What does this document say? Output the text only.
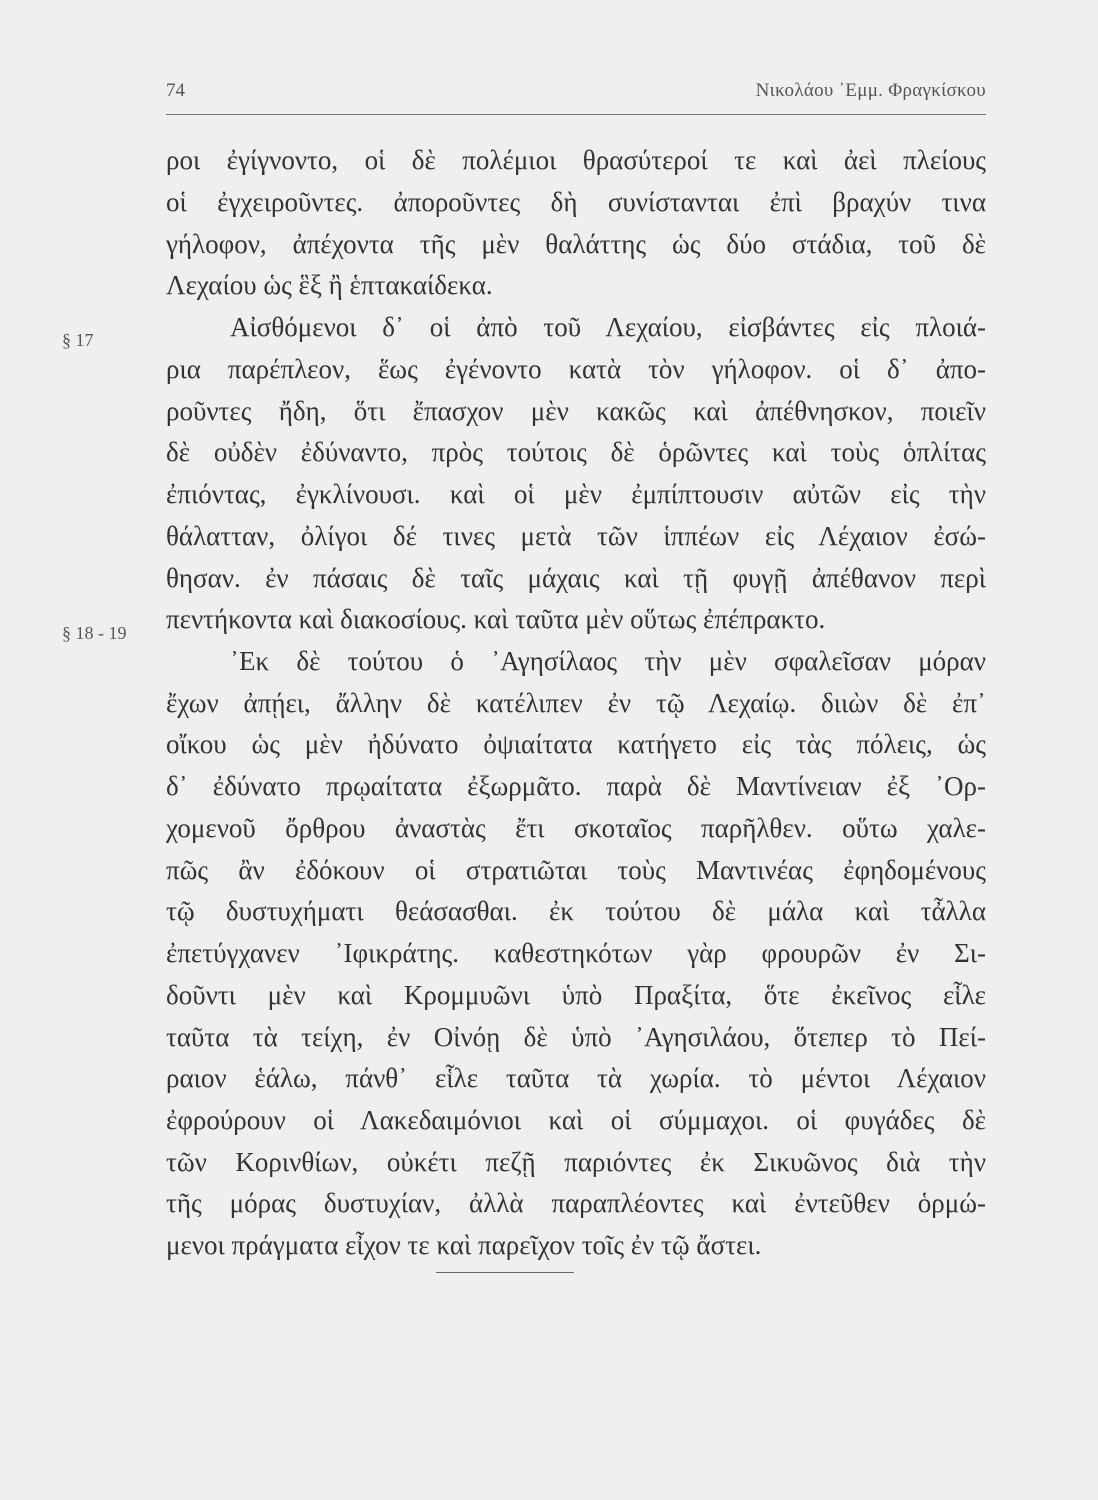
74	Νικολάου ᾿Εμμ. Φραγκίσκου
§ 17
§ 18 - 19
ροι ἐγίγνοντο, οἱ δὲ πολέμιοι θρασύτεροί τε καὶ ἀεὶ πλείους
οἱ ἐγχειροῦντες. ἀποροῦντες δὴ συνίστανται ἐπὶ βραχύν τινα
γήλοφον, ἀπέχοντα τῆς μὲν θαλάττης ὡς δύο στάδια, τοῦ δὲ
Λεχαίου ὡς ἓξ ἢ ἑπτακαίδεκα.
Αἰσθόμενοι δ᾿ οἱ ἀπὸ τοῦ Λεχαίου, εἰσβάντες εἰς πλοιά-
ρια παρέπλεον, ἕως ἐγένοντο κατὰ τὸν γήλοφον. οἱ δ᾿ ἀπο-
ροῦντες ἤδη, ὅτι ἔπασχον μὲν κακῶς καὶ ἀπέθνησκον, ποιεῖν
δὲ οὐδὲν ἐδύναντο, πρὸς τούτοις δὲ ὁρῶντες καὶ τοὺς ὁπλίτας
ἐπιόντας, ἐγκλίνουσι. καὶ οἱ μὲν ἐμπίπτουσιν αὐτῶν εἰς τὴν
θάλατταν, ὀλίγοι δέ τινες μετὰ τῶν ἱππέων εἰς Λέχαιον ἐσώ-
θησαν. ἐν πάσαις δὲ ταῖς μάχαις καὶ τῇ φυγῇ ἀπέθανον περὶ
πεντήκοντα καὶ διακοσίους. καὶ ταῦτα μὲν οὕτως ἐπέπρακτο.
᾿Εκ δὲ τούτου ὁ ᾿Αγησίλαος τὴν μὲν σφαλεῖσαν μόραν
ἔχων ἀπῄει, ἄλλην δὲ κατέλιπεν ἐν τῷ Λεχαίῳ. διιὼν δὲ ἐπ᾿
οἴκου ὡς μὲν ἠδύνατο ὀψιαίτατα κατήγετο εἰς τὰς πόλεις, ὡς
δ᾿ ἐδύνατο πρῳαίτατα ἐξωρμᾶτο. παρὰ δὲ Μαντίνειαν ἐξ ᾿Ορ-
χομενοῦ ὄρθρου ἀναστὰς ἔτι σκοταῖος παρῆλθεν. οὕτω χαλε-
πῶς ἂν ἐδόκουν οἱ στρατιῶται τοὺς Μαντινέας ἐφηδομένους
τῷ δυστυχήματι θεάσασθαι. ἐκ τούτου δὲ μάλα καὶ τἆλλα
ἐπετύγχανεν ᾿Ιφικράτης. καθεστηκότων γὰρ φρουρῶν ἐν Σι-
δοῦντι μὲν καὶ Κρομμυῶνι ὑπὸ Πραξίτα, ὅτε ἐκεῖνος εἷλε
ταῦτα τὰ τείχη, ἐν Οἰνόῃ δὲ ὑπὸ ᾿Αγησιλάου, ὅτεπερ τὸ Πεί-
ραιον ἑάλω, πάνθ᾿ εἷλε ταῦτα τὰ χωρία. τὸ μέντοι Λέχαιον
ἐφρούρουν οἱ Λακεδαιμόνιοι καὶ οἱ σύμμαχοι. οἱ φυγάδες δὲ
τῶν Κορινθίων, οὐκέτι πεζῇ παριόντες ἐκ Σικυῶνος διὰ τὴν
τῆς μόρας δυστυχίαν, ἀλλὰ παραπλέοντες καὶ ἐντεῦθεν ὁρμώ-
μενοι πράγματα εἶχον τε καὶ παρεῖχον τοῖς ἐν τῷ ἄστει.
